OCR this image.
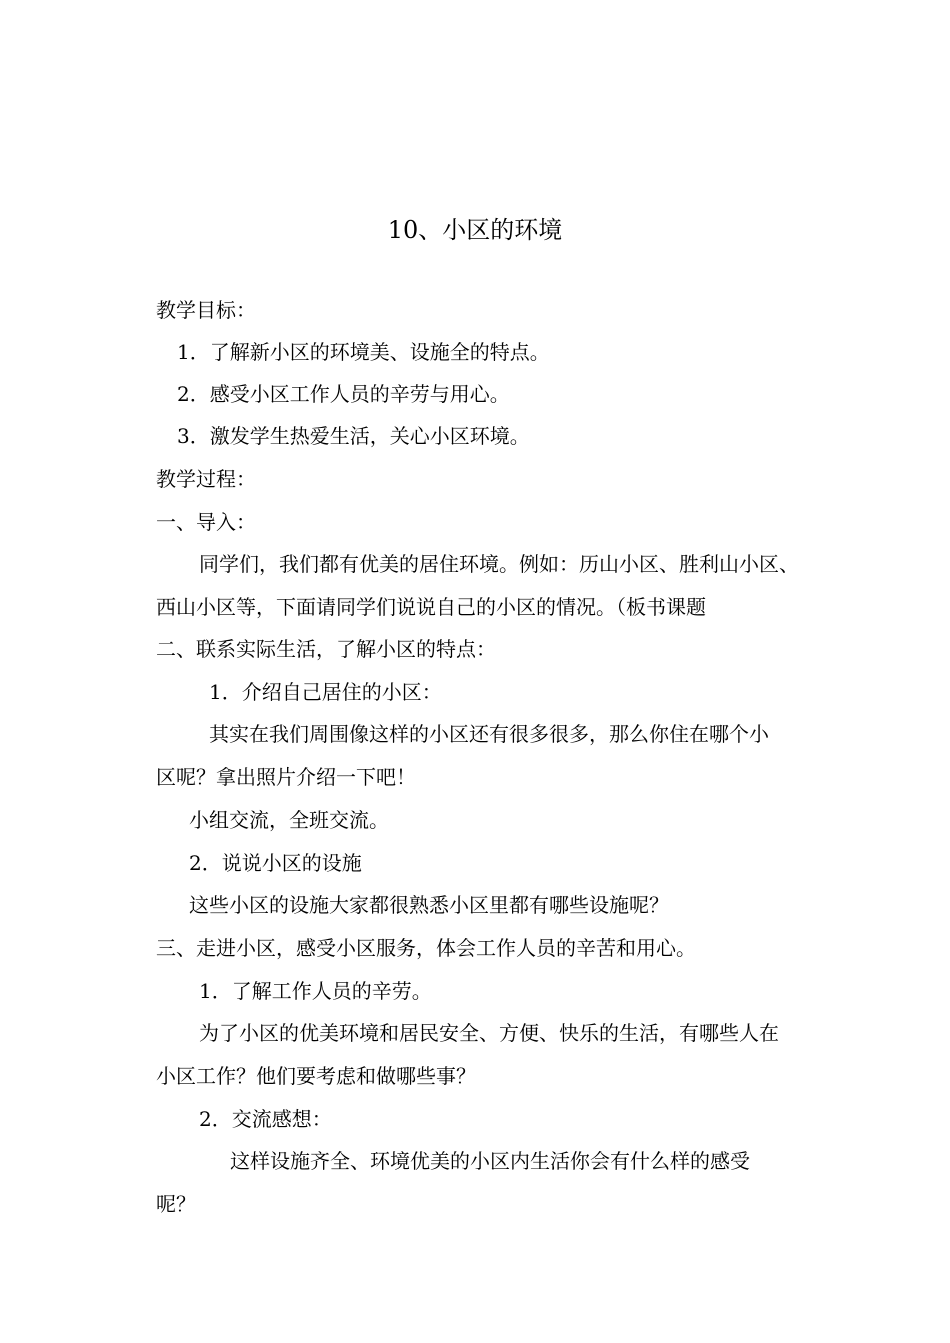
10、小区的环境
教学目标：
1．了解新小区的环境美、设施全的特点。
2．感受小区工作人员的辛劳与用心。
3．激发学生热爱生活，关心小区环境。
教学过程：
一、导入：
同学们，我们都有优美的居住环境。例如：历山小区、胜利山小区、
西山小区等，下面请同学们说说自己的小区的情况。（板书课题
二、联系实际生活，了解小区的特点：
1．介绍自己居住的小区：
其实在我们周围像这样的小区还有很多很多，那么你住在哪个小
区呢？拿出照片介绍一下吧！
小组交流，全班交流。
2．说说小区的设施
这些小区的设施大家都很熟悉小区里都有哪些设施呢？
三、走进小区，感受小区服务，体会工作人员的辛苦和用心。
1．了解工作人员的辛劳。
为了小区的优美环境和居民安全、方便、快乐的生活，有哪些人在
小区工作？他们要考虑和做哪些事？
2．交流感想：
这样设施齐全、环境优美的小区内生活你会有什么样的感受
呢？
